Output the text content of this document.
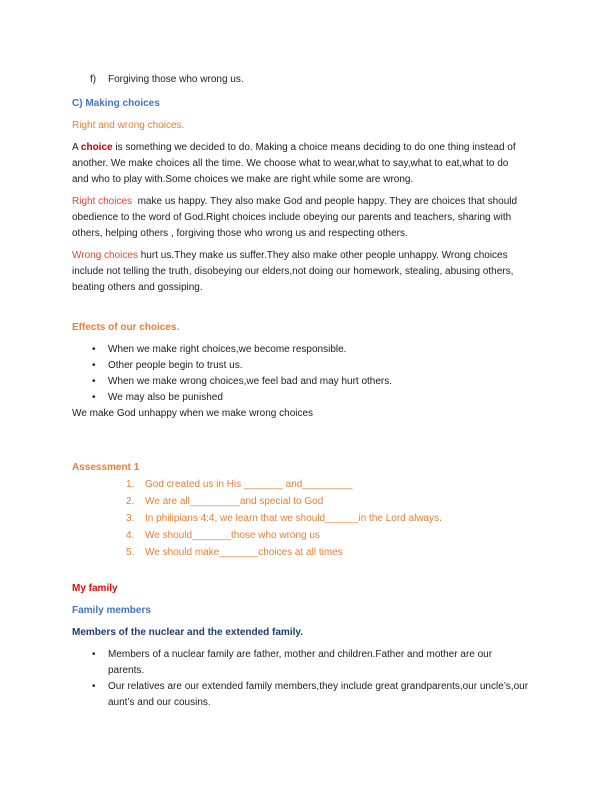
f) Forgiving those who wrong us.
C) Making choices
Right and wrong choices.
A choice is something we decided to do. Making a choice means deciding to do one thing instead of
another. We make choices all the time. We choose what to wear,what to say,what to eat,what to do
and who to play with.Some choices we make are right while some are wrong.
Right choices  make us happy. They also make God and people happy. They are choices that should
obedience to the word of God.Right choices include obeying our parents and teachers, sharing with
others, helping others , forgiving those who wrong us and respecting others.
Wrong choices hurt us.They make us suffer.They also make other people unhappy. Wrong choices
include not telling the truth, disobeying our elders,not doing our homework, stealing, abusing others,
beating others and gossiping.
Effects of our choices.
•	When we make right choices,we become responsible.
•	Other people begin to trust us.
•	When we make wrong choices,we feel bad and may hurt others.
•	We may also be punished
We make God unhappy when we make wrong choices
Assessment 1
1. God created us in His _______ and_________
2. We are all_________and special to God
3. In philipians 4:4, we learn that we should______in the Lord always.
4. We should_______those who wrong us
5. We should make_______choices at all times
My family
Family members
Members of the nuclear and the extended family.
•	Members of a nuclear family are father, mother and children.Father and mother are our
parents.
•	Our relatives are our extended family members,they include great grandparents,our uncle’s,our
aunt’s and our cousins.
